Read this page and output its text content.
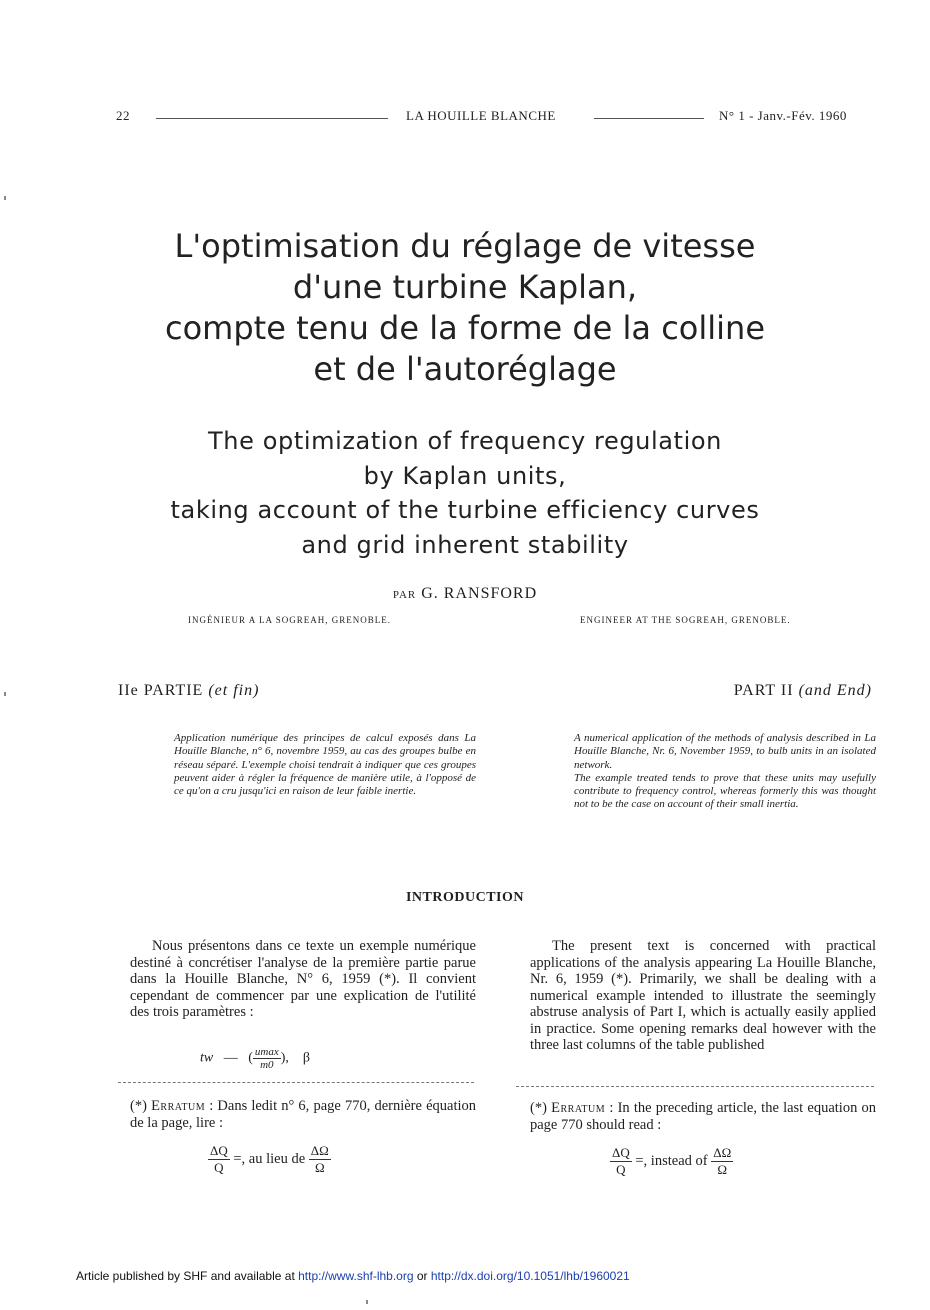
22	LA HOUILLE BLANCHE	N° 1 - Janv.-Fév. 1960
L'optimisation du réglage de vitesse
d'une turbine Kaplan,
compte tenu de la forme de la colline
et de l'autoréglage
The optimization of frequency regulation
by Kaplan units,
taking account of the turbine efficiency curves
and grid inherent stability
PAR G. RANSFORD
INGÉNIEUR A LA SOGREAH, GRENOBLE.	ENGINEER AT THE SOGREAH, GRENOBLE.
IIe PARTIE (et fin)	PART II (and End)

Application numérique des principes de calcul exposés dans La Houille Blanche, n° 6, novembre 1959, au cas des groupes bulbe en réseau séparé. L'exemple choisi tendrait à indiquer que ces groupes peuvent aider à régler la fréquence de manière utile, à l'opposé de ce qu'on a cru jusqu'ici en raison de leur faible inertie.

A numerical application of the methods of analysis described in La Houille Blanche, Nr. 6, November 1959, to bulb units in an isolated network.

The example treated tends to prove that these units may usefully contribute to frequency control, whereas formerly this was thought not to be the case on account of their small inertia.

INTRODUCTION

Nous présentons dans ce texte un exemple numérique destiné à concrétiser l'analyse de la première partie parue dans la Houille Blanche, N° 6, 1959 (*). Il convient cependant de commencer par une explication de l'utilité des trois paramètres :

The present text is concerned with practical applications of the analysis appearing La Houille Blanche, Nr. 6, 1959 (*). Primarily, we shall be dealing with a numerical example intended to illustrate the seemingly abstruse analysis of Part I, which is actually easily applied in practice. Some opening remarks deal however with the three last columns of the table published

tw —   ( $\frac{umax}{m0}$ ),    β
(*) Erratum : Dans ledit n° 6, page 770, dernière équation de la page, lire :
(*) Erratum : In the preceding article, the last equation on page 770 should read :
$\frac{\Delta Q}{Q}$ =, au lieu de $\frac{\Delta\Omega}{\Omega}$	$\frac{\Delta Q}{Q}$ =, instead of $\frac{\Delta\Omega}{\Omega}$
Article published by SHF and available at http://www.shf-lhb.org or http://dx.doi.org/10.1051/lhb/1960021
